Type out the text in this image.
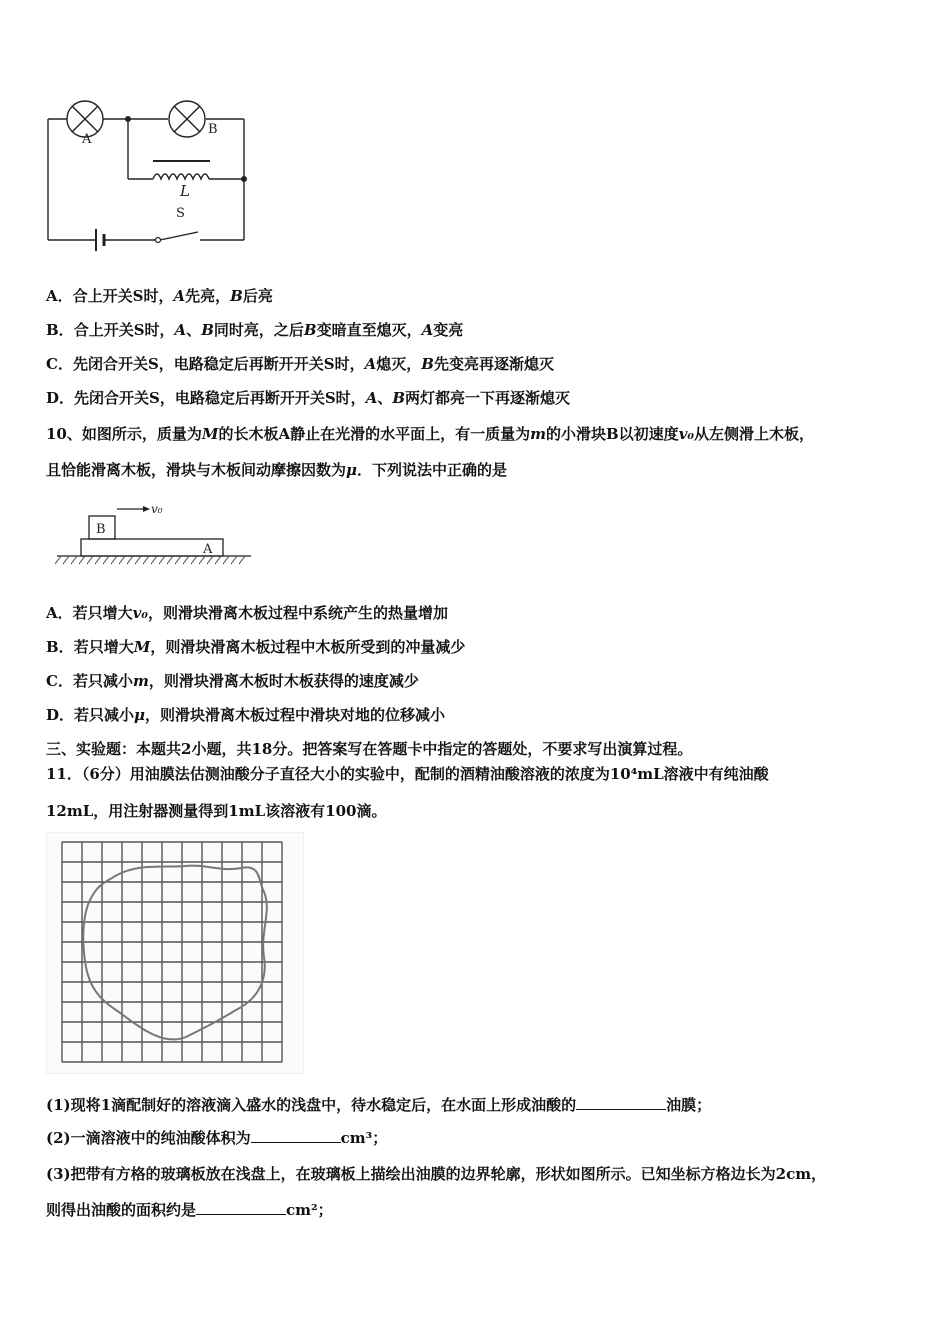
A
B
L
S
A．合上开关S时，A先亮，B后亮
B．合上开关S时，A、B同时亮，之后B变暗直至熄灭，A变亮
C．先闭合开关S，电路稳定后再断开开关S时，A熄灭，B先变亮再逐渐熄灭
D．先闭合开关S，电路稳定后再断开开关S时，A、B两灯都亮一下再逐渐熄灭
10、如图所示，质量为M的长木板A静止在光滑的水平面上，有一质量为m的小滑块B以初速度v₀从左侧滑上木板，
且恰能滑离木板，滑块与木板间动摩擦因数为μ．下列说法中正确的是
B
A
v₀
A．若只增大v₀，则滑块滑离木板过程中系统产生的热量增加
B．若只增大M，则滑块滑离木板过程中木板所受到的冲量减少
C．若只减小m，则滑块滑离木板时木板获得的速度减少
D．若只减小μ，则滑块滑离木板过程中滑块对地的位移减小
三、实验题：本题共2小题，共18分。把答案写在答题卡中指定的答题处，不要求写出演算过程。
11．（6分）用油膜法估测油酸分子直径大小的实验中，配制的酒精油酸溶液的浓度为10⁴mL溶液中有纯油酸
12mL，用注射器测量得到1mL该溶液有100滴。
(1)现将1滴配制好的溶液滴入盛水的浅盘中，待水稳定后，在水面上形成油酸的	油膜；
(2)一滴溶液中的纯油酸体积为	cm³；
(3)把带有方格的玻璃板放在浅盘上，在玻璃板上描绘出油膜的边界轮廓，形状如图所示。已知坐标方格边长为2cm，
则得出油酸的面积约是	cm²；
